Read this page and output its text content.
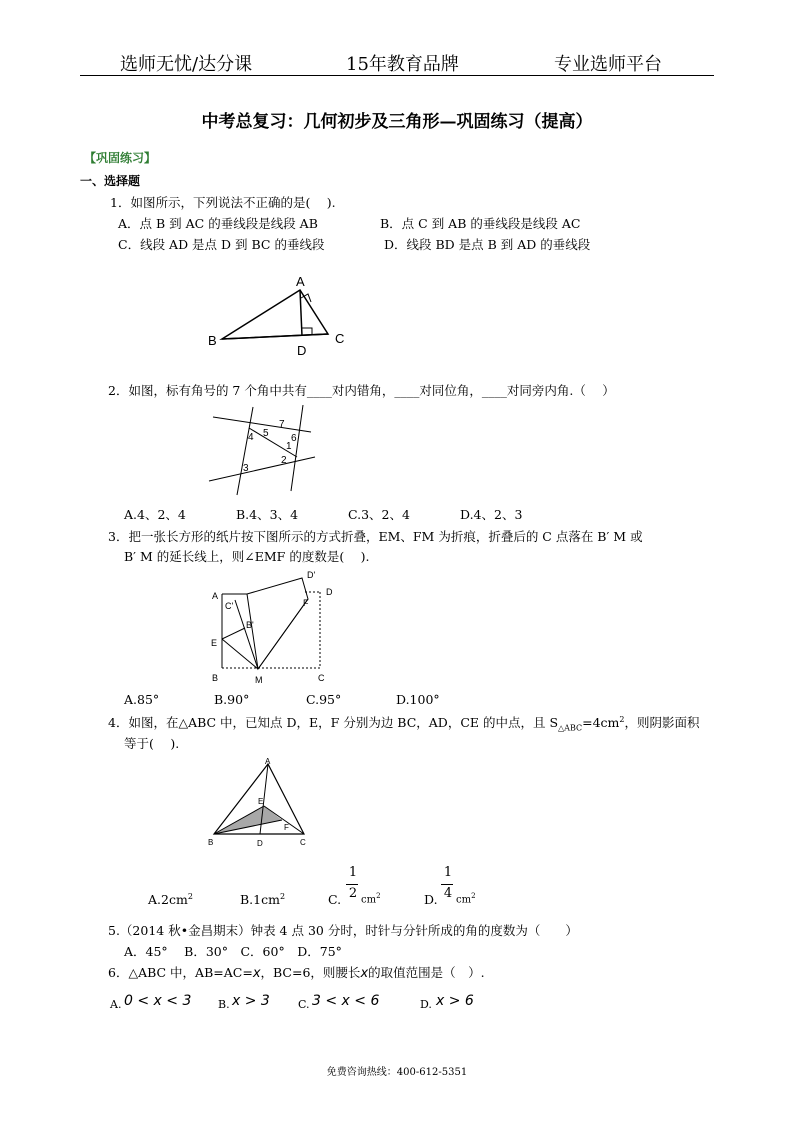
选师无忧/达分课	15年教育品牌	专业选师平台
中考总复习：几何初步及三角形—巩固练习（提高）
【巩固练习】
一、选择题
1．如图所示，下列说法不正确的是(　 ).
A．点 B 到 AC 的垂线段是线段 AB	B．点 C 到 AB 的垂线段是线段 AC
C．线段 AD 是点 D 到 BC 的垂线段	D．线段 BD 是点 B 到 AD 的垂线段
A
B	C
D
2．如图，标有角号的 7 个角中共有____对内错角，____对同位角，____对同旁内角.（　 ）
4 5
7
6
1
2
3
A.4、2、4	B.4、3、4	C.3、2、4	D.4、2、3
3．把一张长方形的纸片按下图所示的方式折叠，EM、FM 为折痕，折叠后的 C 点落在 B′ M 或
B′ M 的延长线上，则∠EMF 的度数是(　 ).
A
C'
B'
E
B	M	C
D'
D
F
A.85°	B.90°	C.95°	D.100°
4．如图，在△ABC 中，已知点 D，E，F 分别为边 BC，AD，CE 的中点，且 $S_{\triangle ABC}=4cm^2$，则阴影面积
等于(　 ).
A
B	D	C
E
F
$A.2cm^2$	$B.1cm^2$	C.
1
2 $cm^2$	D.
1
4 $cm^2$
5.（2014 秋•金昌期末）钟表 4 点 30 分时，时针与分针所成的角的度数为（　　）
A．45°　 B．30°　C．60°　D．75°
6．△ABC 中，AB=AC=x，BC=6，则腰长x的取值范围是（　）.
A. 0 < x < 3 B. x > 3	C. 3 < x < 6	D. x > 6
免费咨询热线：400-612-5351
